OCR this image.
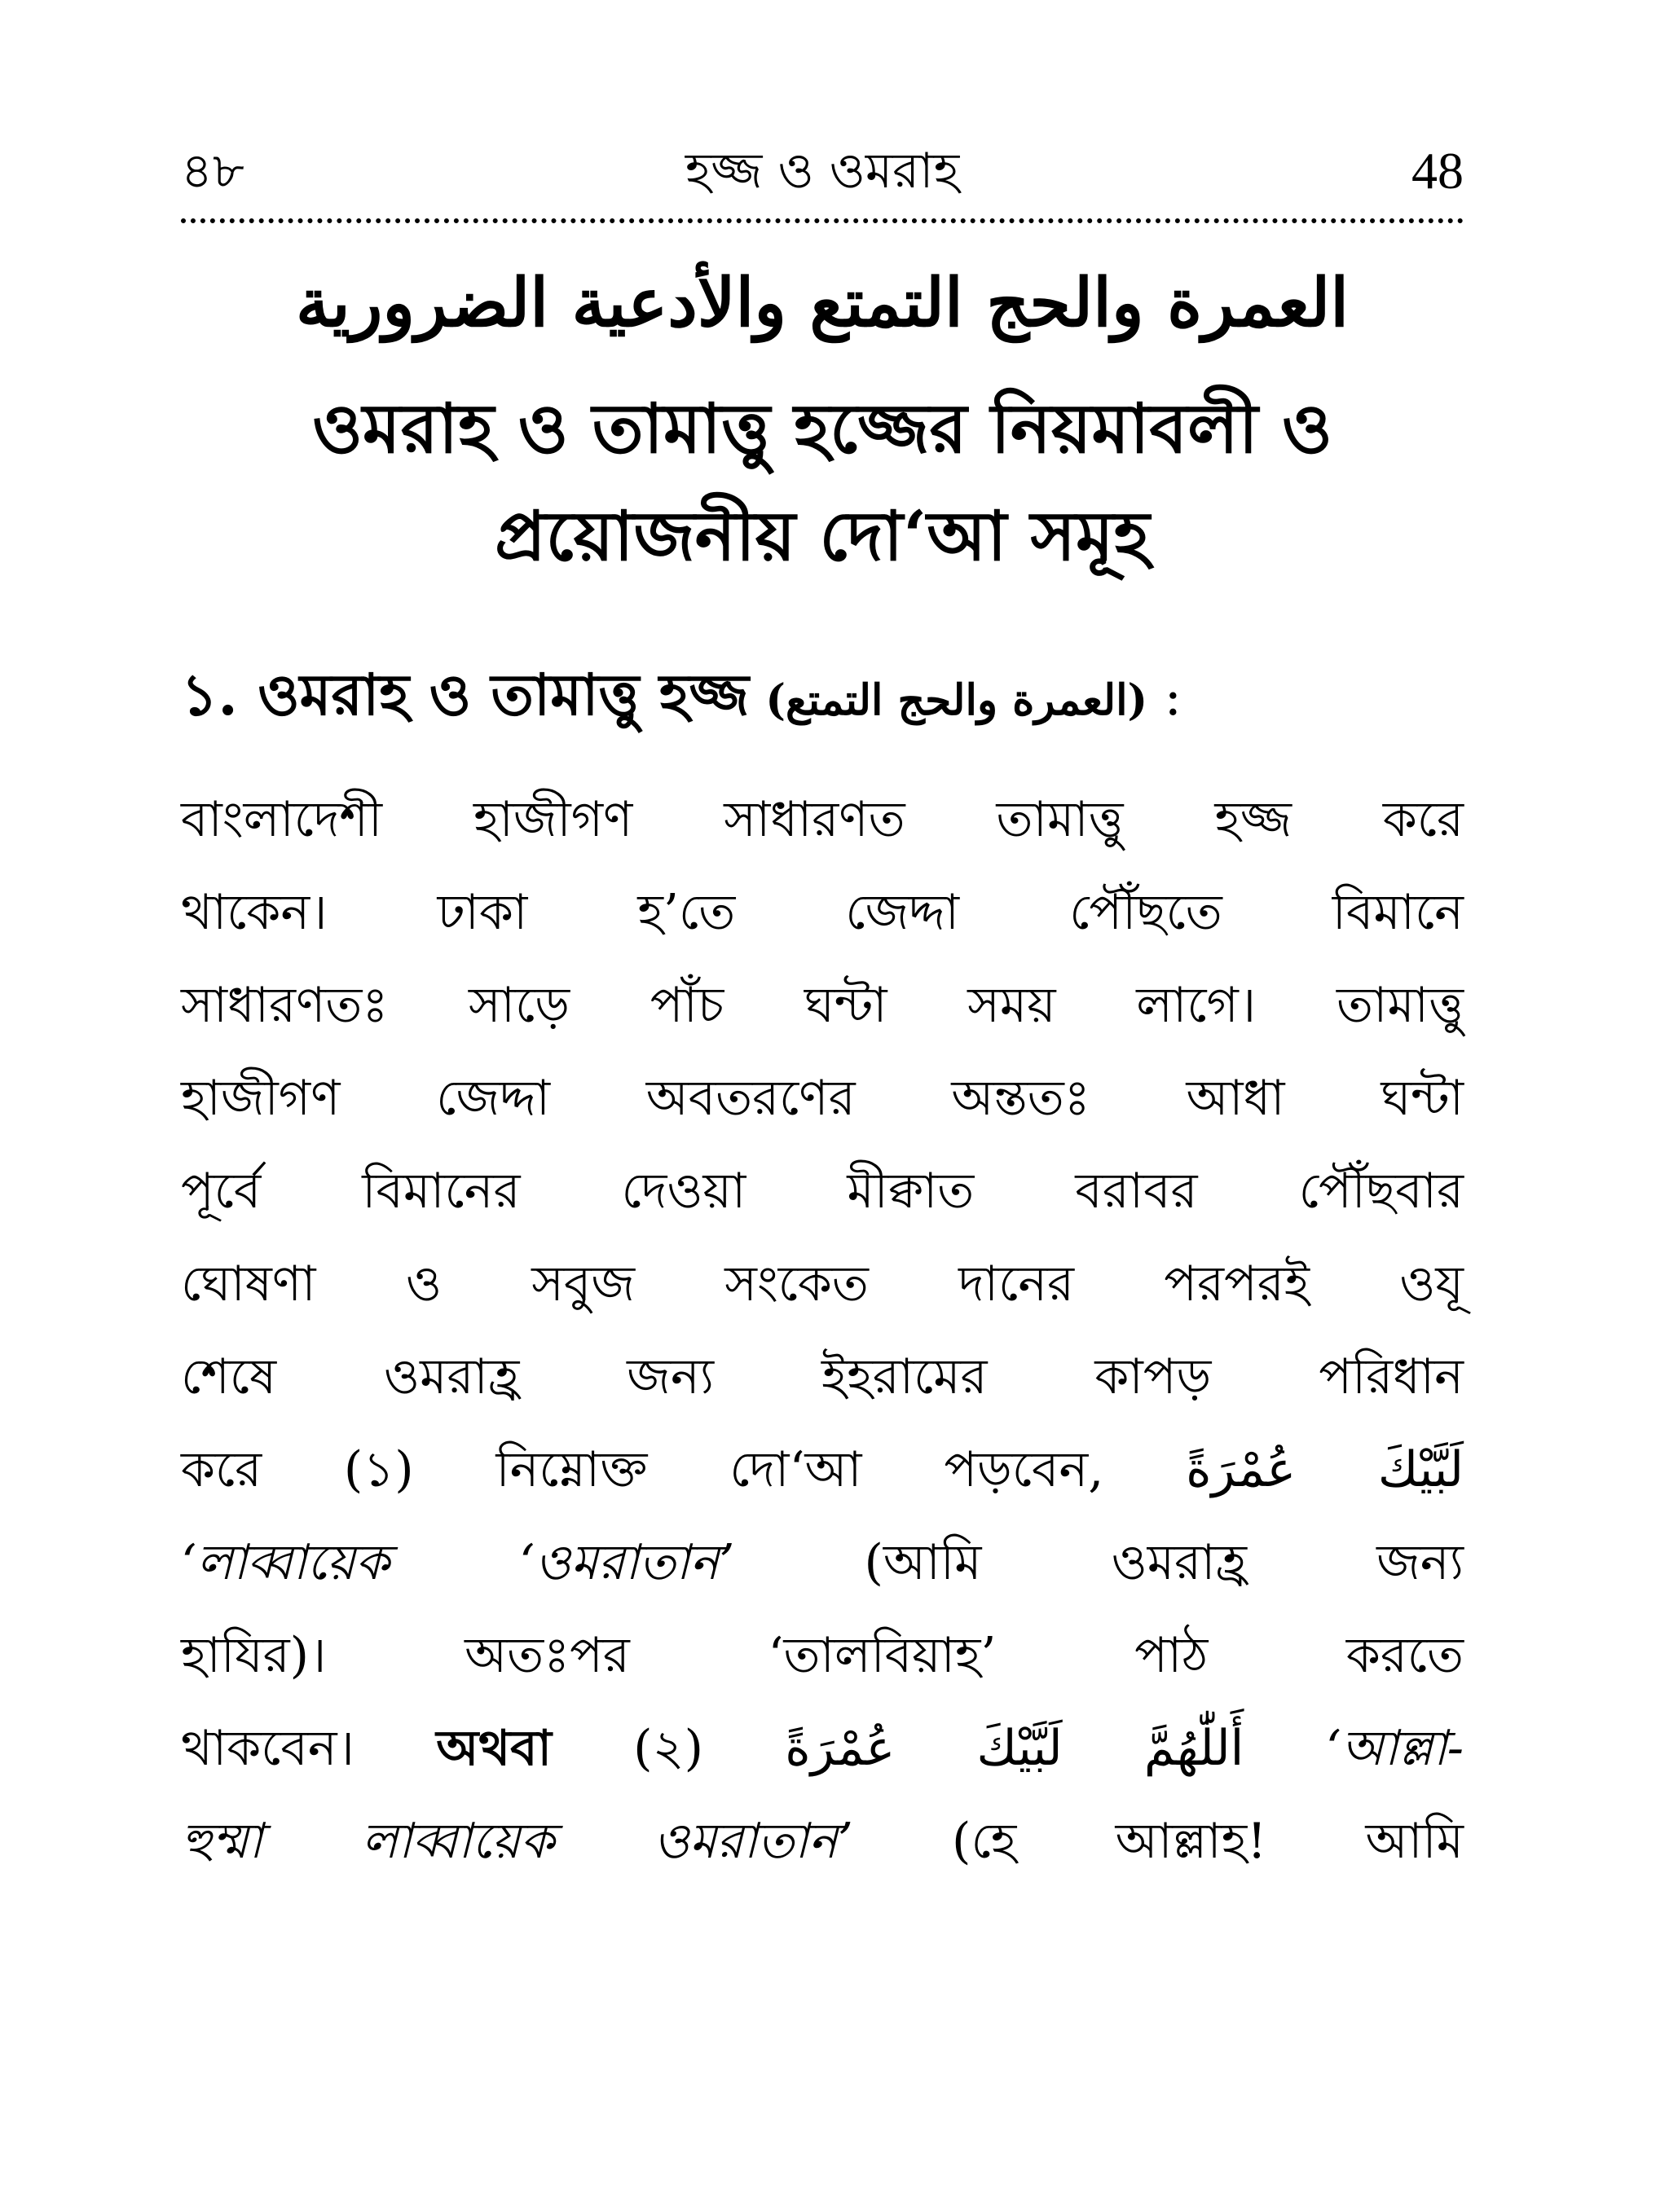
৪৮	হজ্জ ও ওমরাহ	48
العمرة والحج التمتع والأدعية الضرورية
ওমরাহ ও তামাত্তু হজ্জের নিয়মাবলী ও
প্রয়োজনীয় দো‘আ সমূহ
১. ওমরাহ ও তামাত্তু হজ্জ (العمرة والحج التمتع) :
বাংলাদেশী হাজীগণ সাধারণত তামাত্তু হজ্জ করে
থাকেন। ঢাকা হ’তে জেদ্দা পৌঁছতে বিমানে
সাধারণতঃ সাড়ে পাঁচ ঘন্টা সময় লাগে। তামাত্তু
হাজীগণ জেদ্দা অবতরণের অন্ততঃ আধা ঘন্টা
পূর্বে বিমানের দেওয়া মীক্বাত বরাবর পৌঁছবার
ঘোষণা ও সবুজ সংকেত দানের পরপরই ওযূ
শেষে ওমরাহ্র জন্য ইহরামের কাপড় পরিধান
করে (১) নিম্নোক্ত দো‘আ পড়বেন, لَبَّيْكَ عُمْرَةً
‘লাব্বায়েক ‘ওমরাতান’	(আমি ওমরাহ্র জন্য
হাযির)। অতঃপর ‘তালবিয়াহ’ পাঠ করতে
থাকবেন। অথবা (২) أَللّٰهُمَّ لَبَّيْكَ عُمْرَةً ‘আল্লা-
হুম্মা লাব্বায়েক ওমরাতান’ (হে আল্লাহ! আমি
